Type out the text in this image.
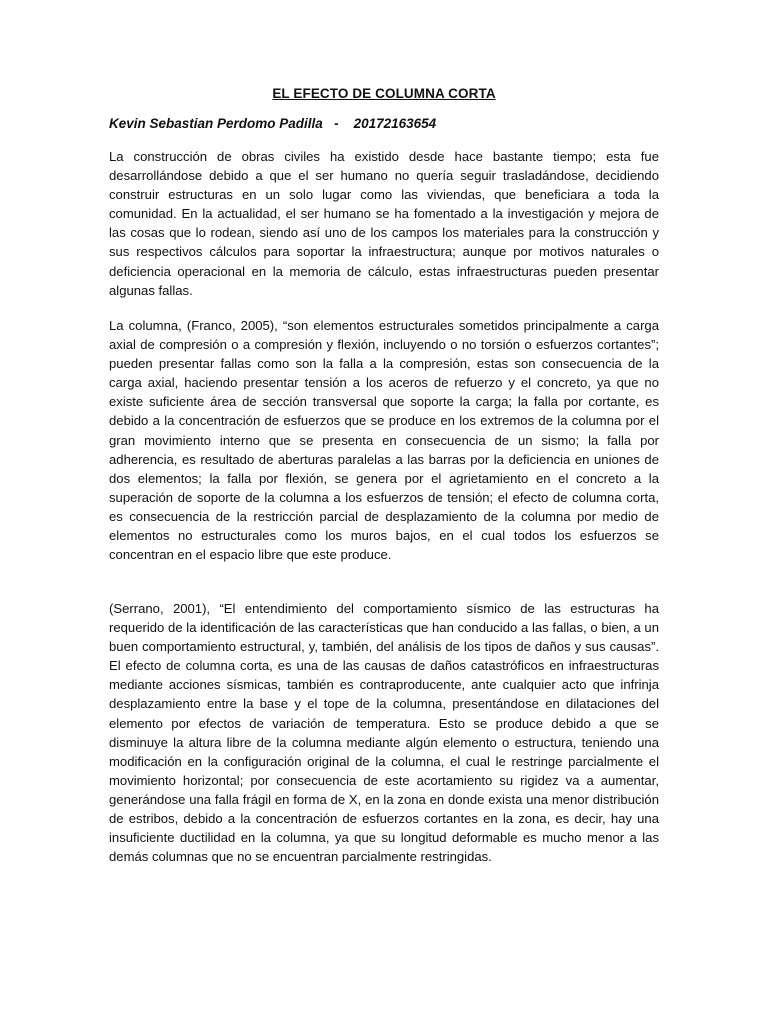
EL EFECTO DE COLUMNA CORTA
Kevin Sebastian Perdomo Padilla   -    20172163654

La construcción de obras civiles ha existido desde hace bastante tiempo; esta fue desarrollándose debido a que el ser humano no quería seguir trasladándose, decidiendo construir estructuras en un solo lugar como las viviendas, que beneficiara a toda la comunidad. En la actualidad, el ser humano se ha fomentado a la investigación y mejora de las cosas que lo rodean, siendo así uno de los campos los materiales para la construcción y sus respectivos cálculos para soportar la infraestructura; aunque por motivos naturales o deficiencia operacional en la memoria de cálculo, estas infraestructuras pueden presentar algunas fallas.

La columna, (Franco, 2005), “son elementos estructurales sometidos principalmente a carga axial de compresión o a compresión y flexión, incluyendo o no torsión o esfuerzos cortantes”; pueden presentar fallas como son la falla a la compresión, estas son consecuencia de la carga axial, haciendo presentar tensión a los aceros de refuerzo y el concreto, ya que no existe suficiente área de sección transversal que soporte la carga; la falla por cortante, es debido a la concentración de esfuerzos que se produce en los extremos de la columna por el gran movimiento interno que se presenta en consecuencia de un sismo; la falla por adherencia, es resultado de aberturas paralelas a las barras por la deficiencia en uniones de dos elementos; la falla por flexión, se genera por el agrietamiento en el concreto a la superación de soporte de la columna a los esfuerzos de tensión; el efecto de columna corta, es consecuencia de la restricción parcial de desplazamiento de la columna por medio de elementos no estructurales como los muros bajos, en el cual todos los esfuerzos se concentran en el espacio libre que este produce.

(Serrano, 2001), “El entendimiento del comportamiento sísmico de las estructuras ha requerido de la identificación de las características que han conducido a las fallas, o bien, a un buen comportamiento estructural, y, también, del análisis de los tipos de daños y sus causas”. El efecto de columna corta, es una de las causas de daños catastróficos en infraestructuras mediante acciones sísmicas, también es contraproducente, ante cualquier acto que infrinja desplazamiento entre la base y el tope de la columna, presentándose en dilataciones del elemento por efectos de variación de temperatura. Esto se produce debido a que se disminuye la altura libre de la columna mediante algún elemento o estructura, teniendo una modificación en la configuración original de la columna, el cual le restringe parcialmente el movimiento horizontal; por consecuencia de este acortamiento su rigidez va a aumentar, generándose una falla frágil en forma de X, en la zona en donde exista una menor distribución de estribos, debido a la concentración de esfuerzos cortantes en la zona, es decir, hay una insuficiente ductilidad en la columna, ya que su longitud deformable es mucho menor a las demás columnas que no se encuentran parcialmente restringidas.
